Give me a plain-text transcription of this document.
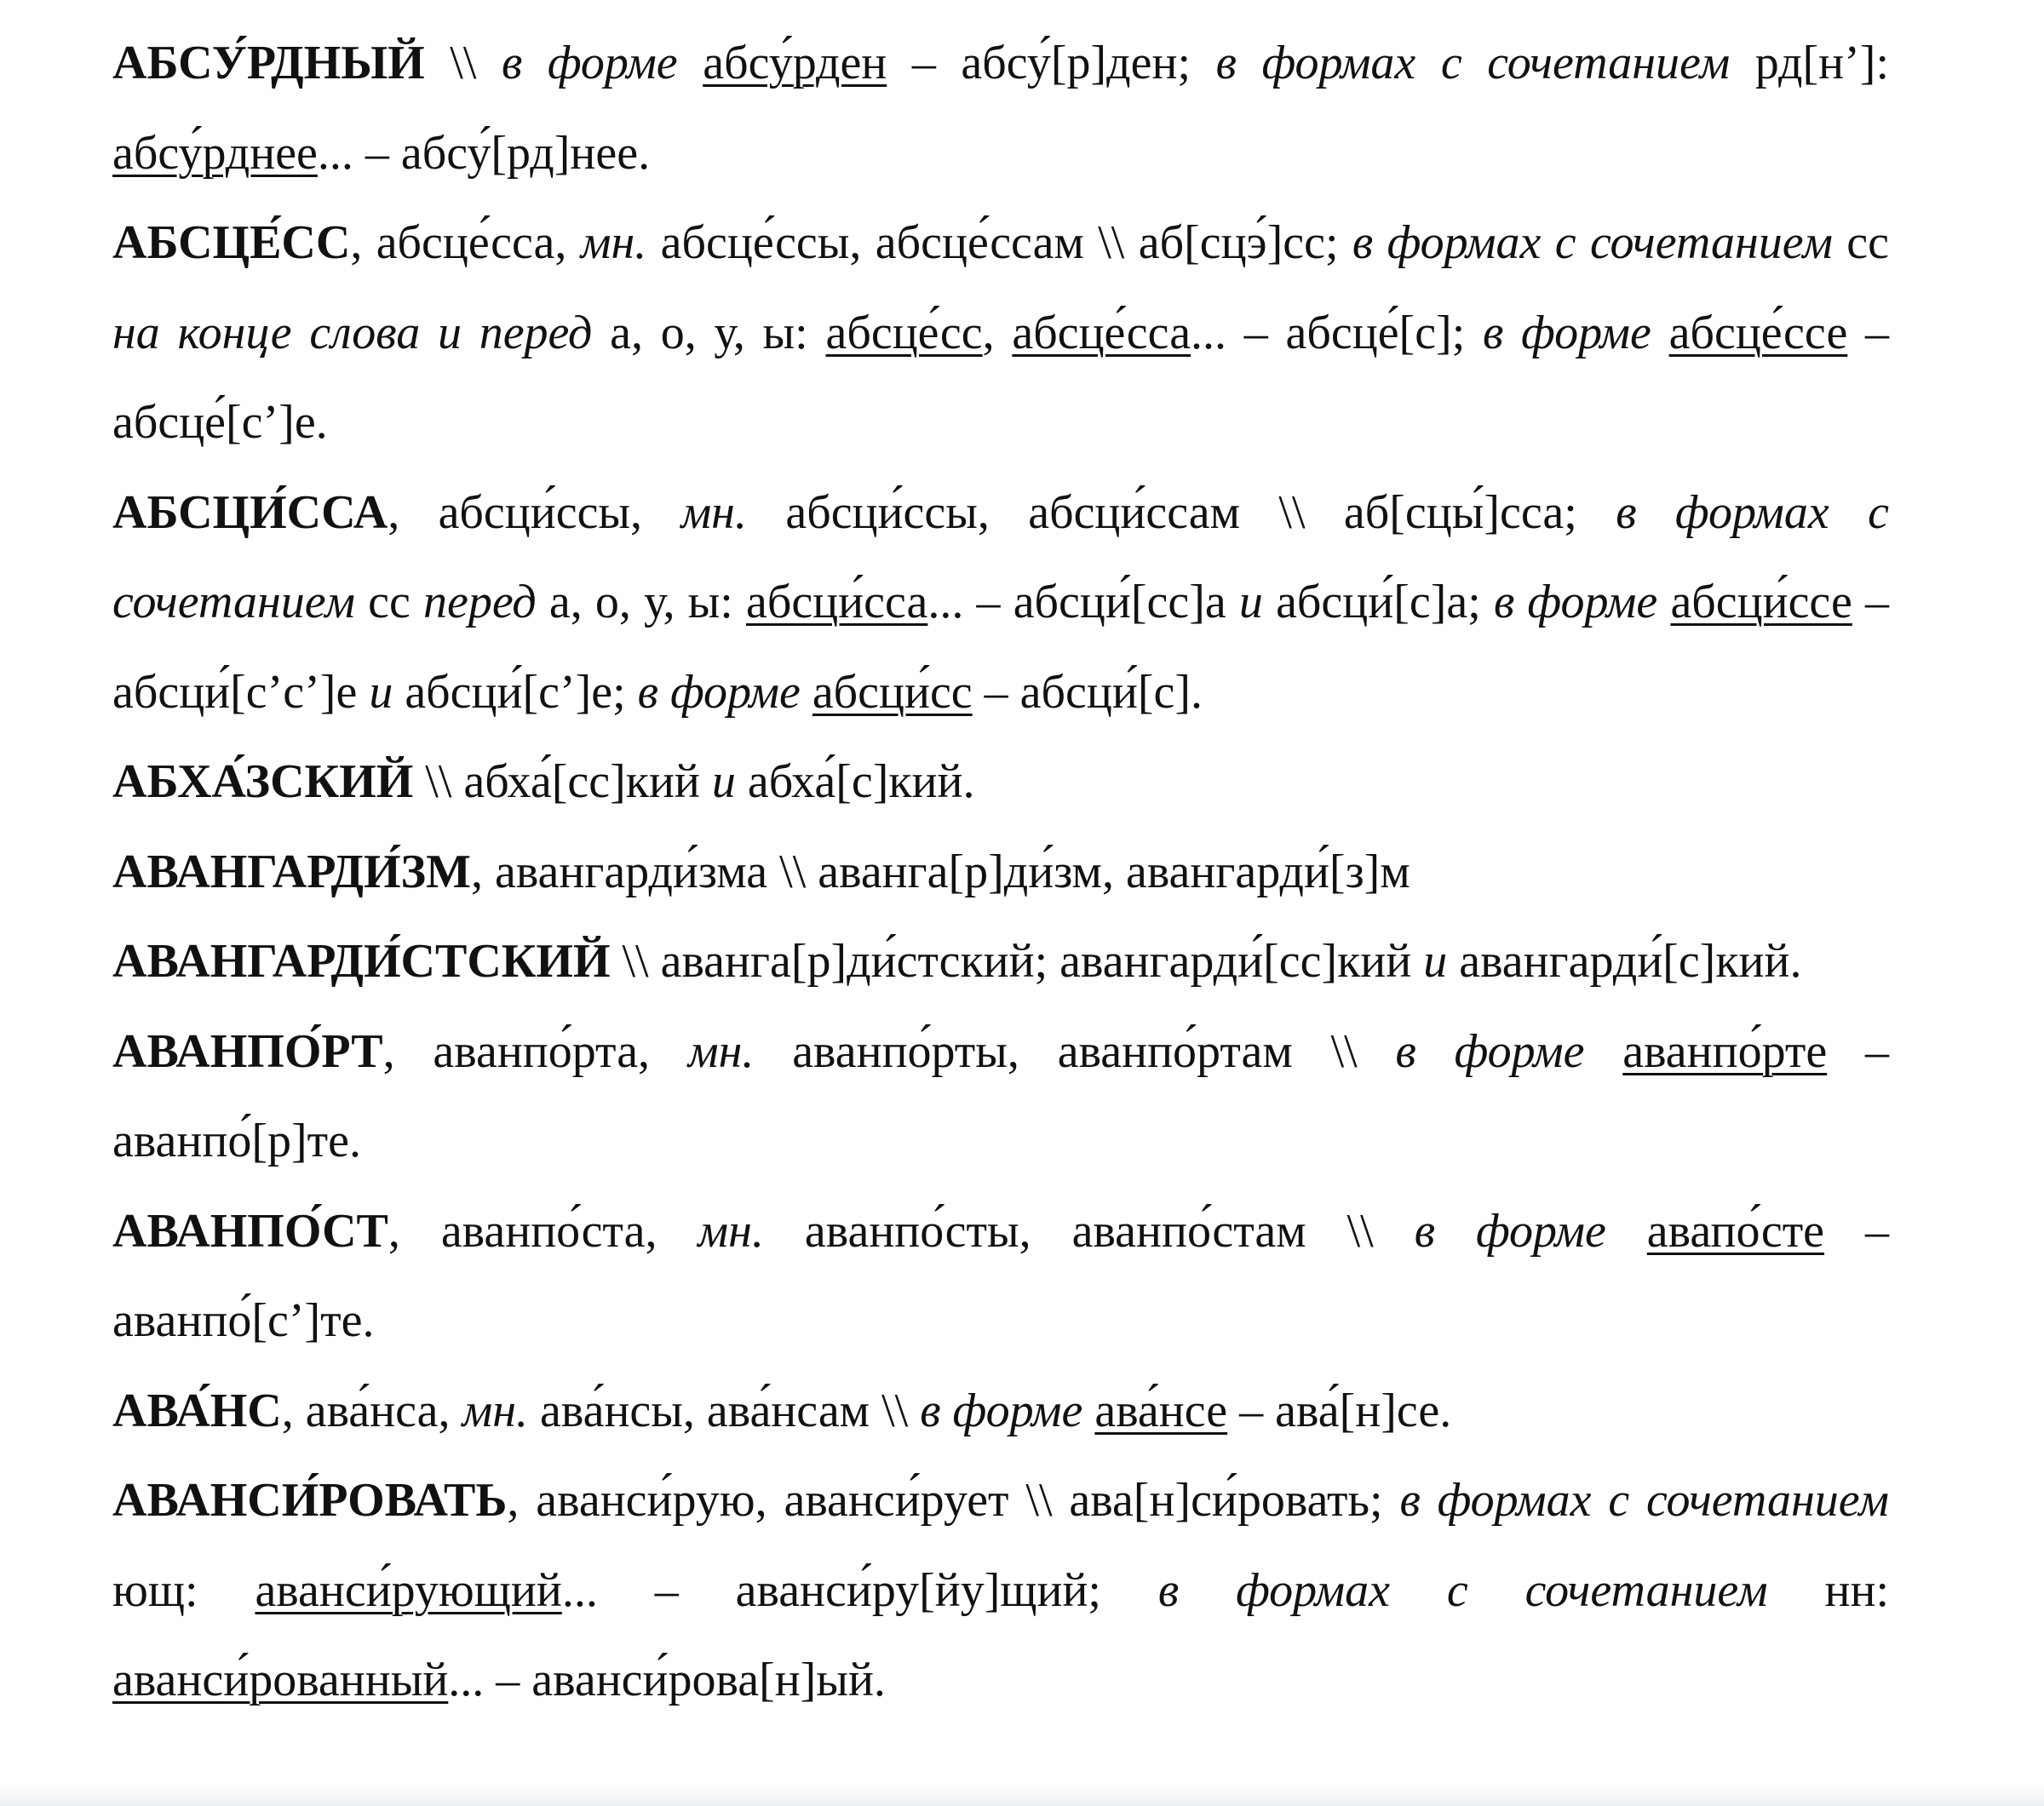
АБСУ́РДНЫЙ \\ в форме абсу́рден – абсу́[р]ден; в формах с сочетанием рд[н’]: абсу́рднее... – абсу́[рд]нее.

АБСЦЕ́СС, абсце́сса, мн. абсце́ссы, абсце́ссам \\ аб[сцэ́]сс; в формах с сочетанием сс на конце слова и перед а, о, у, ы: абсце́сс, абсце́сса... – абсце́[с]; в форме абсце́ссе – абсце́[с’]е.

АБСЦИ́ССА, абсци́ссы, мн. абсци́ссы, абсци́ссам \\ аб[сцы́]сса; в формах с сочетанием сс перед а, о, у, ы: абсци́сса... – абсци́[сс]а и абсци́[с]а; в форме абсци́ссе – абсци́[с’с’]е и абсци́[с’]е; в форме абсци́сс – абсци́[с].

АБХА́ЗСКИЙ \\ абха́[сс]кий и абха́[с]кий.

АВАНГАРДИ́ЗМ, авангарди́зма \\ аванга[р]ди́зм, авангарди́[з]м

АВАНГАРДИ́СТСКИЙ \\ аванга[р]ди́стский; авангарди́[сс]кий и авангарди́[с]кий.

АВАНПО́РТ, аванпо́рта, мн. аванпо́рты, аванпо́ртам \\ в форме аванпо́рте – аванпо́[р]те.

АВАНПО́СТ, аванпо́ста, мн. аванпо́сты, аванпо́стам \\ в форме авапо́сте – аванпо́[с’]те.

АВА́НС, ава́нса, мн. ава́нсы, ава́нсам \\ в форме ава́нсе – ава́[н]се.

АВАНСИ́РОВАТЬ, аванси́рую, аванси́рует \\ ава[н]си́ровать; в формах с сочетанием ющ: аванси́рующий... – аванси́ру[йу]щий; в формах с сочетанием нн: аванси́рованный... – аванси́рова[н]ый.
